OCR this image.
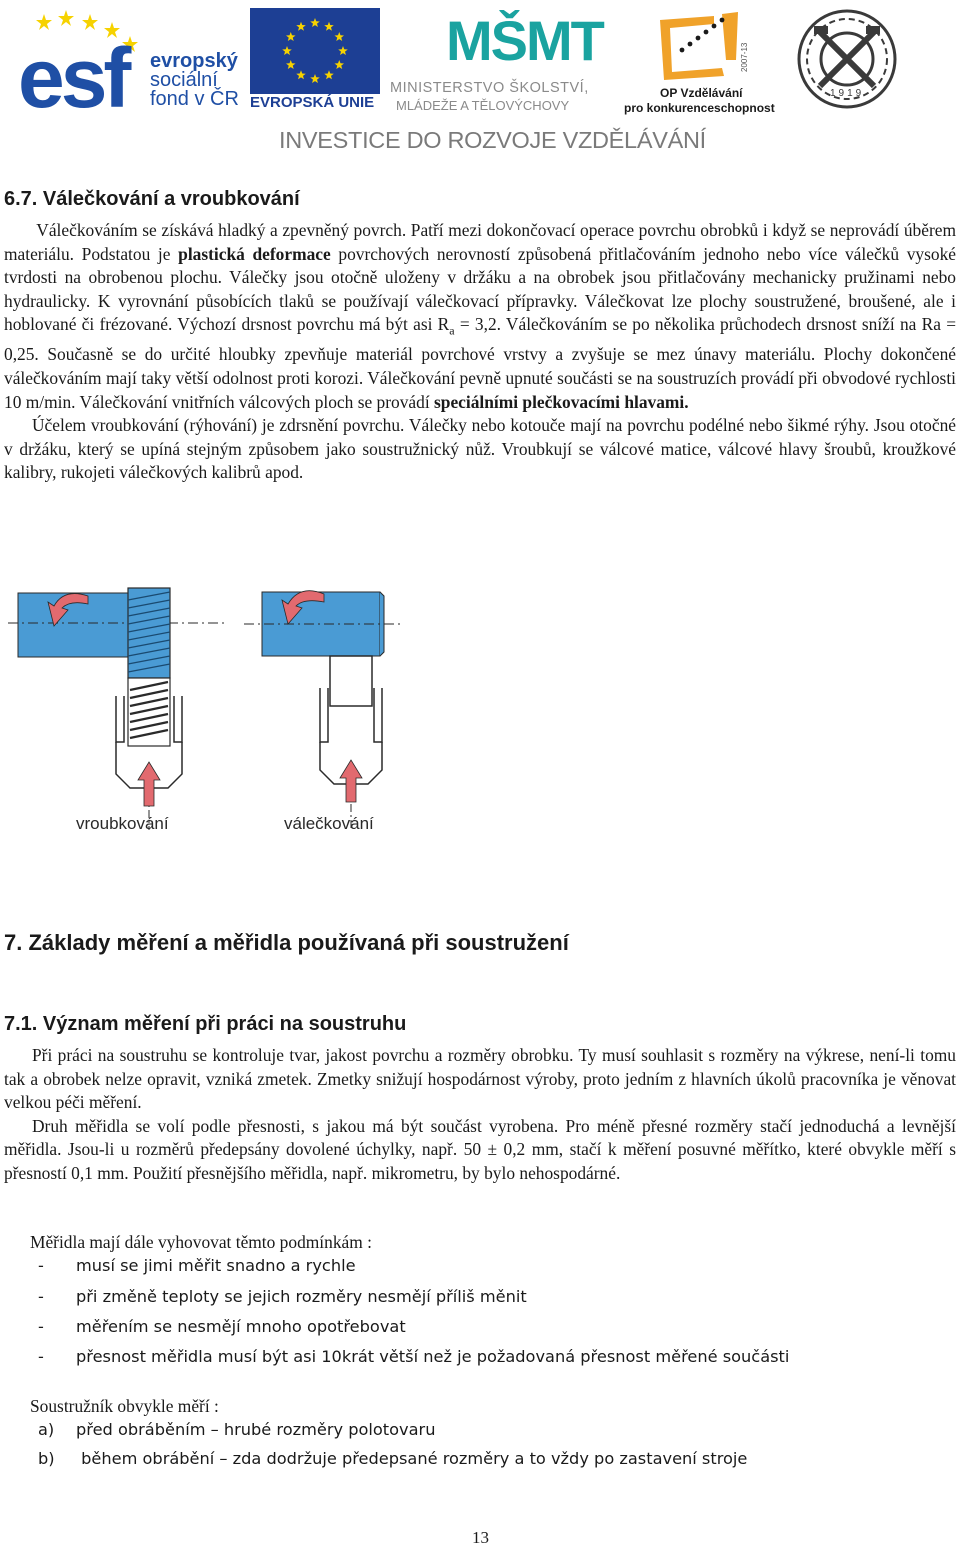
esf evropský
sociální
fond v ČR EVROPSKÁ UNIE
MŠMT
MINISTERSTVO ŠKOLSTVÍ,
MLÁDEŽE A TĚLOVÝCHOVY
2007-13
OP Vzdělávání
pro konkurenceschopnost
1919
INVESTICE DO ROZVOJE VZDĚLÁVÁNÍ
6.7. Válečkování a vroubkování

Válečkováním se získává hladký a zpevněný povrch. Patří mezi dokončovací operace povrchu obrobků i když se neprovádí úběrem materiálu. Podstatou je plastická deformace povrchových nerovností způsobená přitlačováním jednoho nebo více válečků vysoké tvrdosti na obrobenou plochu. Válečky jsou otočně uloženy v držáku a na obrobek jsou přitlačovány mechanicky pružinami nebo hydraulicky. K vyrovnání působících tlaků se používají válečkovací přípravky. Válečkovat lze plochy soustružené, broušené, ale i hoblované či frézované. Výchozí drsnost povrchu má být asi $R_a = 3,2$. Válečkováním se po několika průchodech drsnost sníží na Ra = 0,25. Současně se do určité hloubky zpevňuje materiál povrchové vrstvy a zvyšuje se mez únavy materiálu. Plochy dokončené válečkováním mají taky větší odolnost proti korozi. Válečkování pevně upnuté součásti se na soustruzích provádí při obvodové rychlosti 10 m/min. Válečkování vnitřních válcových ploch se provádí speciálními plečkovacími hlavami.

Účelem vroubkování (rýhování) je zdrsnění povrchu. Válečky nebo kotouče mají na povrchu podélné nebo šikmé rýhy. Jsou otočné v držáku, který se upíná stejným způsobem jako soustružnický nůž. Vroubkují se válcové matice, válcové hlavy šroubů, kroužkové kalibry, rukojeti válečkových kalibrů apod.

vroubkování	válečkování
7. Základy měření a měřidla používaná při soustružení
7.1. Význam měření při práci na soustruhu

Při práci na soustruhu se kontroluje tvar, jakost povrchu a rozměry obrobku. Ty musí souhlasit s rozměry na výkrese, není-li tomu tak a obrobek nelze opravit, vzniká zmetek. Zmetky snižují hospodárnost výroby, proto jedním z hlavních úkolů pracovníka je věnovat velkou péči měření.

Druh měřidla se volí podle přesnosti, s jakou má být součást vyrobena. Pro méně přesné rozměry stačí jednoduchá a levnější měřidla. Jsou-li u rozměrů předepsány dovolené úchylky, např. 50 ± 0,2 mm, stačí k měření posuvné měřítko, které obvykle měří s přesností 0,1 mm. Použití přesnějšího měřidla, např. mikrometru, by bylo nehospodárné.

Měřidla mají dále vyhovovat těmto podmínkám :
- musí se jimi měřit snadno a rychle
- při změně teploty se jejich rozměry nesmějí příliš měnit
- měřením se nesmějí mnoho opotřebovat
- přesnost měřidla musí být asi 10krát větší než je požadovaná přesnost měřené součásti
Soustružník obvykle měří :
a) před obráběním – hrubé rozměry polotovaru
b) během obrábění – zda dodržuje předepsané rozměry a to vždy po zastavení stroje
13
